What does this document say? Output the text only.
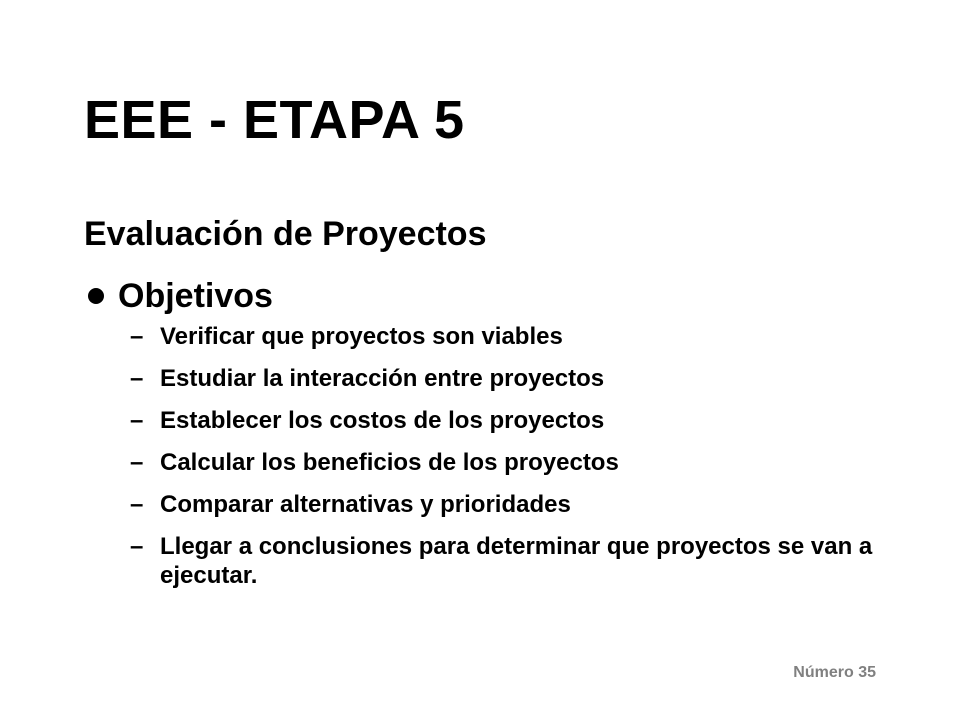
EEE - ETAPA 5
Evaluación de Proyectos
Objetivos
– Verificar que proyectos son viables
– Estudiar la interacción entre proyectos
– Establecer los costos de los proyectos
– Calcular los beneficios de los proyectos
– Comparar alternativas y prioridades
– Llegar a conclusiones para determinar que proyectos se van a ejecutar.
Número 35
